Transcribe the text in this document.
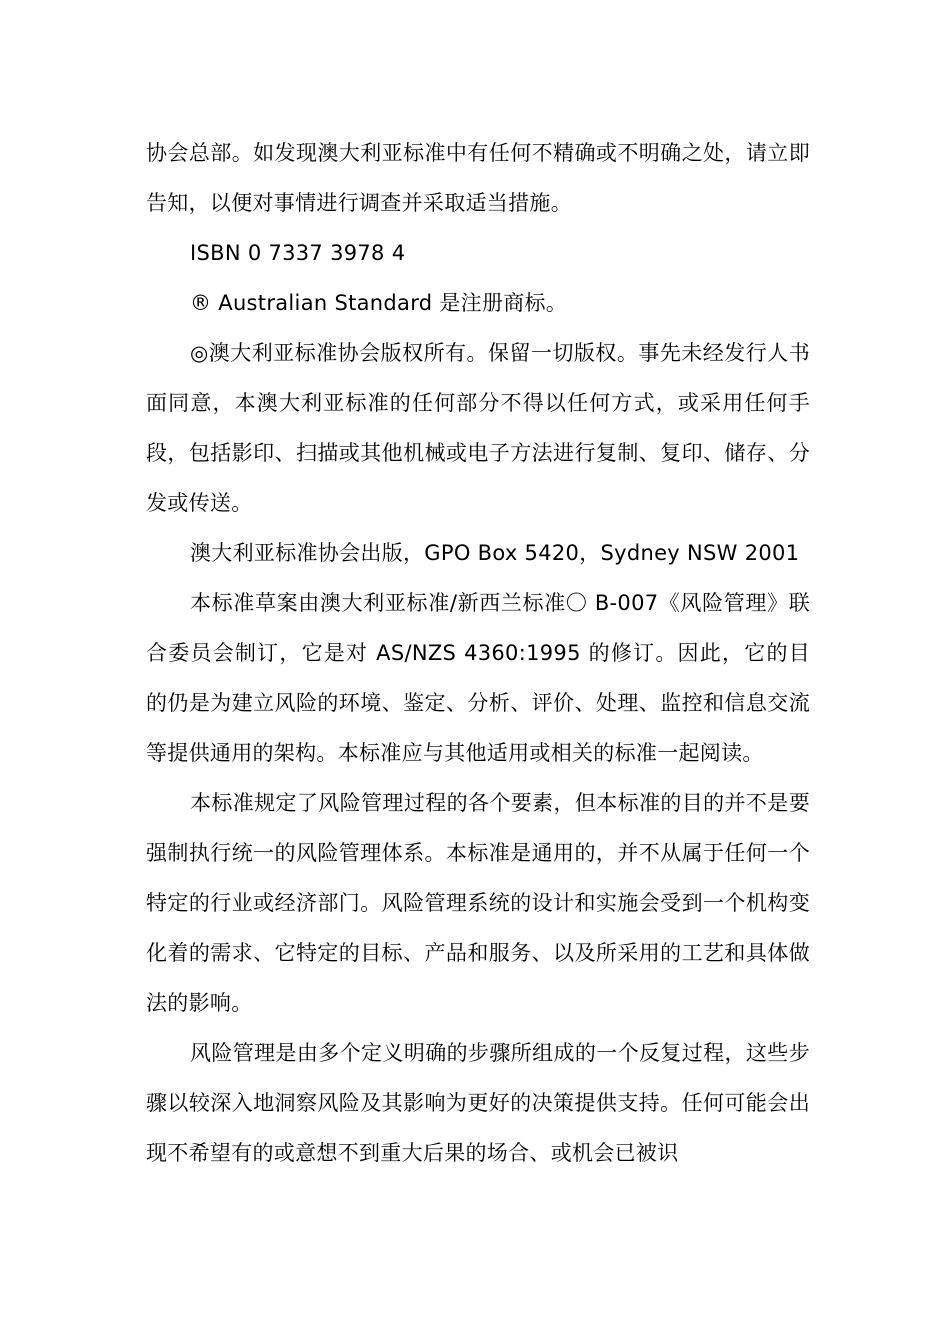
协会总部。如发现澳大利亚标准中有任何不精确或不明确之处，请立即告知，以便对事情进行调查并采取适当措施。

ISBN 0 7337 3978 4

® Australian Standard 是注册商标。

◎澳大利亚标准协会版权所有。保留一切版权。事先未经发行人书面同意，本澳大利亚标准的任何部分不得以任何方式，或采用任何手段，包括影印、扫描或其他机械或电子方法进行复制、复印、储存、分发或传送。

澳大利亚标准协会出版，GPO Box 5420，Sydney NSW 2001

本标准草案由澳大利亚标准/新西兰标准〇 B-007《风险管理》联合委员会制订，它是对 AS/NZS 4360:1995 的修订。因此，它的目的仍是为建立风险的环境、鉴定、分析、评价、处理、监控和信息交流等提供通用的架构。本标准应与其他适用或相关的标准一起阅读。

本标准规定了风险管理过程的各个要素，但本标准的目的并不是要强制执行统一的风险管理体系。本标准是通用的，并不从属于任何一个特定的行业或经济部门。风险管理系统的设计和实施会受到一个机构变化着的需求、它特定的目标、产品和服务、以及所采用的工艺和具体做法的影响。

风险管理是由多个定义明确的步骤所组成的一个反复过程，这些步骤以较深入地洞察风险及其影响为更好的决策提供支持。任何可能会出现不希望有的或意想不到重大后果的场合、或机会已被识
